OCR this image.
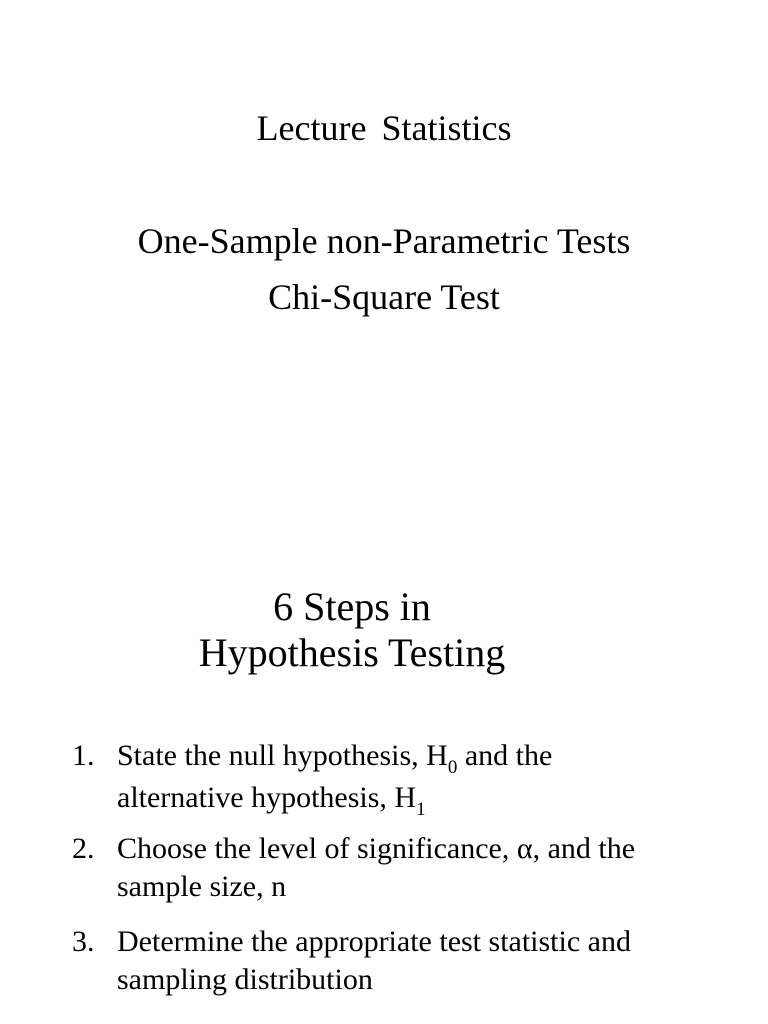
Lecture Statistics
One-Sample non-Parametric Tests
Chi-Square Test
6 Steps in
Hypothesis Testing
1. State the null hypothesis, $H_0$ and the
alternative hypothesis, $H_1$
2. Choose the level of significance, α, and the
sample size, n
3. Determine the appropriate test statistic and
sampling distribution
